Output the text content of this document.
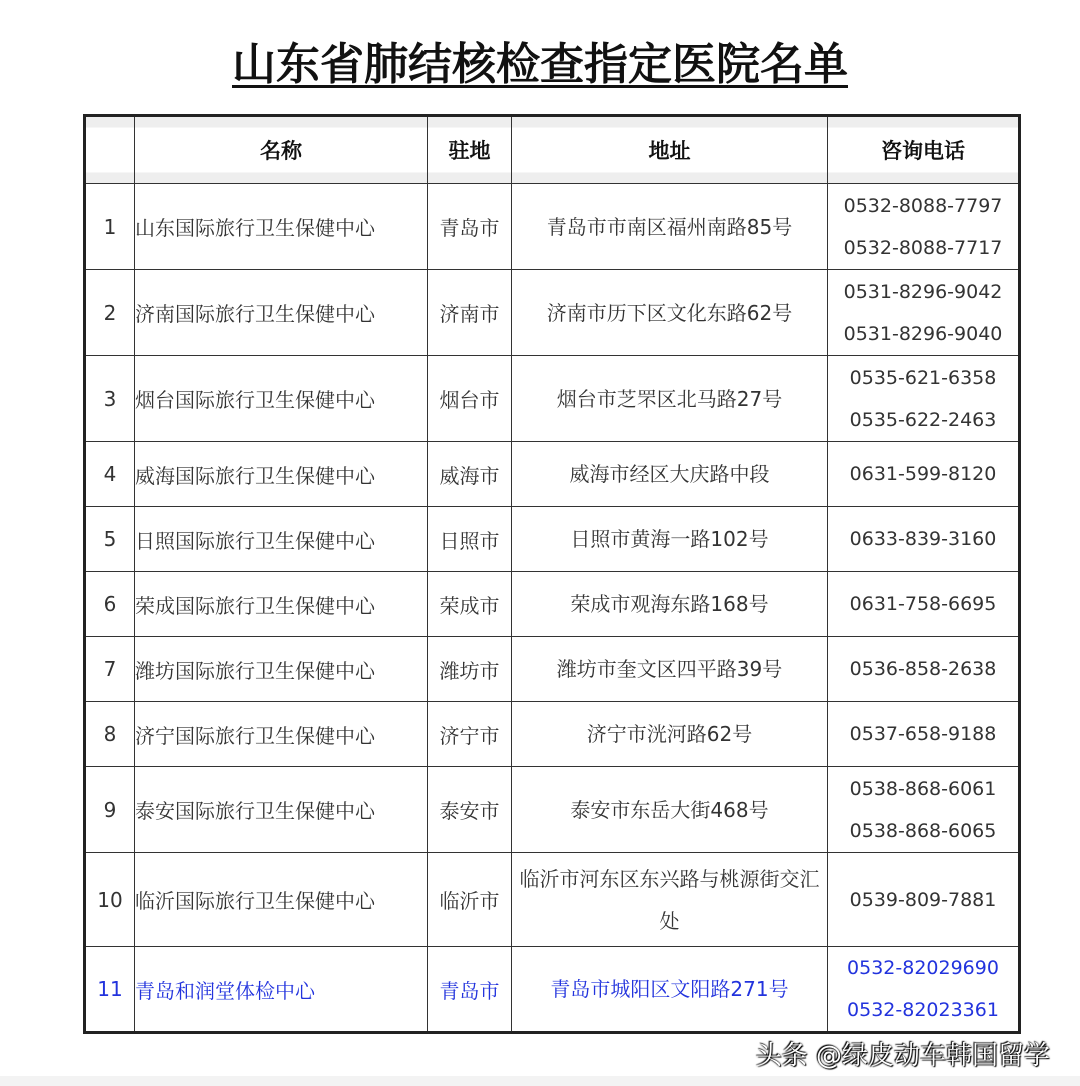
山东省肺结核检查指定医院名单
	名称	驻地	地址	咨询电话
1	山东国际旅行卫生保健中心	青岛市	青岛市市南区福州南路85号	0532-8088-7797
0532-8088-7717

2	济南国际旅行卫生保健中心	济南市	济南市历下区文化东路62号	0531-8296-9042
0531-8296-9040

3	烟台国际旅行卫生保健中心	烟台市	烟台市芝罘区北马路27号	0535-621-6358
0535-622-2463

4	威海国际旅行卫生保健中心	威海市	威海市经区大庆路中段	0631-599-8120

5	日照国际旅行卫生保健中心	日照市	日照市黄海一路102号	0633-839-3160

6	荣成国际旅行卫生保健中心	荣成市	荣成市观海东路168号	0631-758-6695

7	潍坊国际旅行卫生保健中心	潍坊市	潍坊市奎文区四平路39号	0536-858-2638

8	济宁国际旅行卫生保健中心	济宁市	济宁市洸河路62号	0537-658-9188

9	泰安国际旅行卫生保健中心	泰安市	泰安市东岳大街468号	0538-868-6061
0538-868-6065

10	临沂国际旅行卫生保健中心	临沂市	临沂市河东区东兴路与桃源街交汇处	0539-809-7881

11	青岛和润堂体检中心	青岛市	青岛市城阳区文阳路271号	0532-82029690
0532-82023361
头条 @绿皮动车韩国留学
